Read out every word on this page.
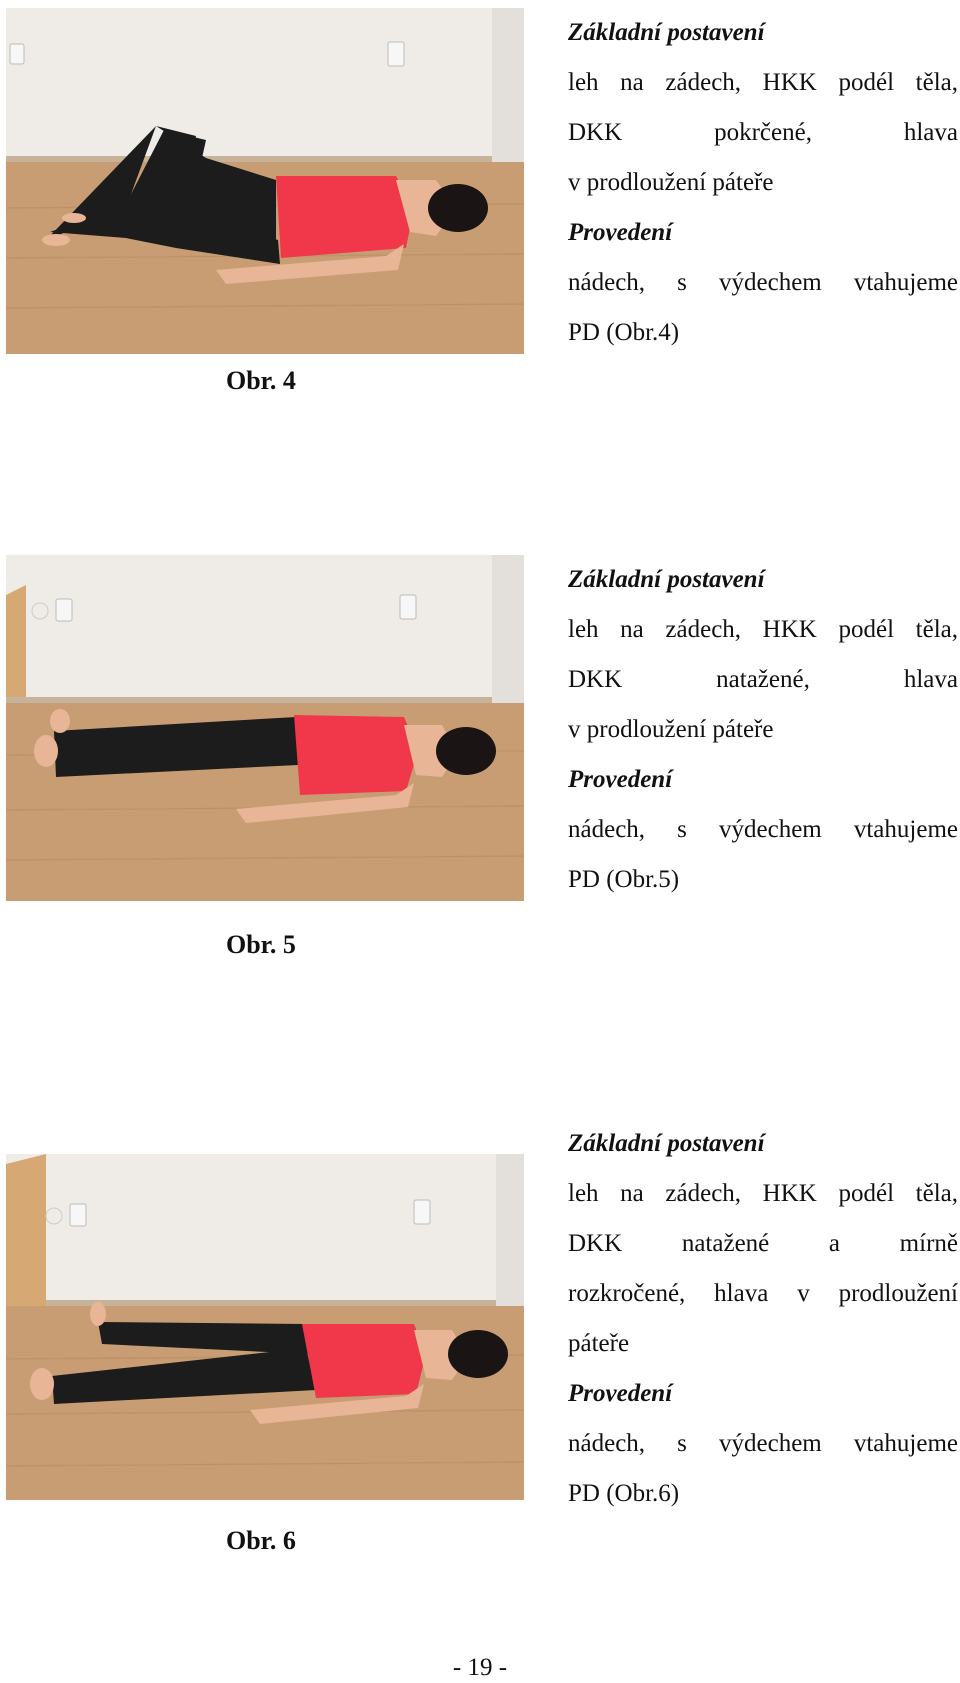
Obr. 4
Základní postavení
leh na zádech, HKK podél těla,
DKK pokrčené, hlava
v prodloužení páteře
Provedení
nádech, s výdechem vtahujeme
PD (Obr.4)
Obr. 5
Základní postavení
leh na zádech, HKK podél těla,
DKK natažené, hlava
v prodloužení páteře
Provedení
nádech, s výdechem vtahujeme
PD (Obr.5)
Obr. 6
Základní postavení
leh na zádech, HKK podél těla,
DKK natažené a mírně
rozkročené, hlava v prodloužení
páteře
Provedení
nádech, s výdechem vtahujeme
PD (Obr.6)
- 19 -
